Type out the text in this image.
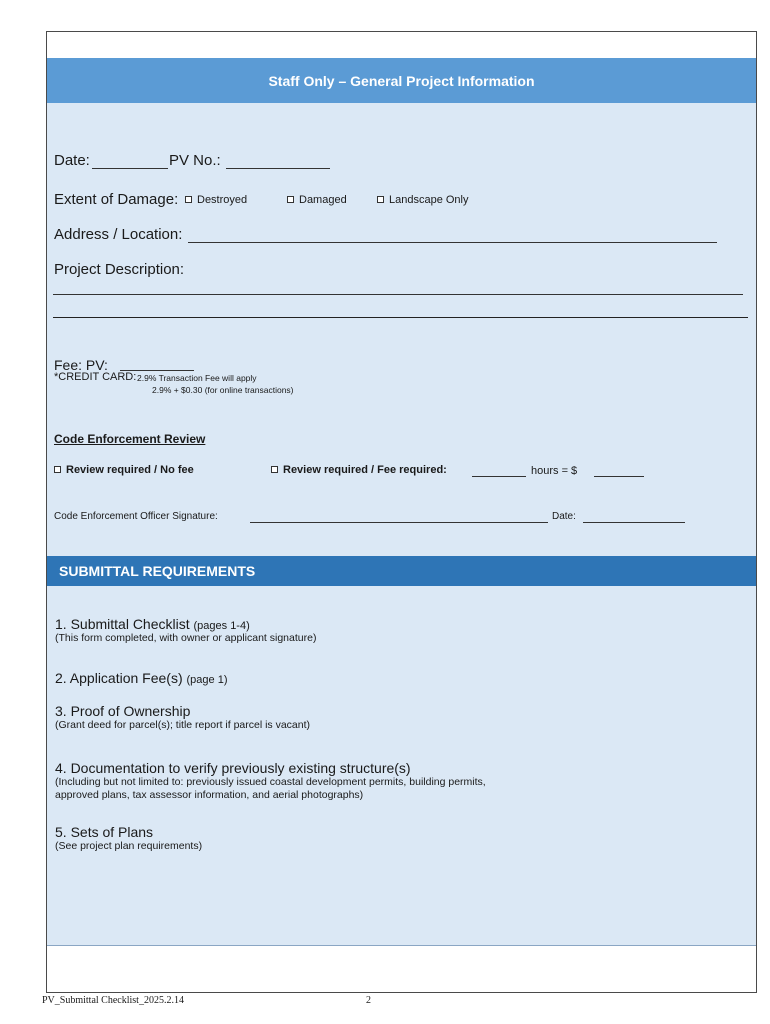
Staff Only – General Project Information
Date:	PV No.:
Extent of Damage:	Destroyed	Damaged	Landscape Only
Address / Location:
Project Description:
Fee: PV:
*CREDIT CARD: 2.9% Transaction Fee will apply
2.9% + $0.30 (for online transactions)
Code Enforcement Review
Review required / No fee	Review required / Fee required:	hours = $
Code Enforcement Officer Signature:	Date:
SUBMITTAL REQUIREMENTS
1. Submittal Checklist (pages 1-4)
(This form completed, with owner or applicant signature)
2. Application Fee(s) (page 1)
3. Proof of Ownership
(Grant deed for parcel(s); title report if parcel is vacant)
4. Documentation to verify previously existing structure(s)
(Including but not limited to: previously issued coastal development permits, building permits,
approved plans, tax assessor information, and aerial photographs)
5. Sets of Plans
(See project plan requirements)
PV_Submittal Checklist_2025.2.14	2
